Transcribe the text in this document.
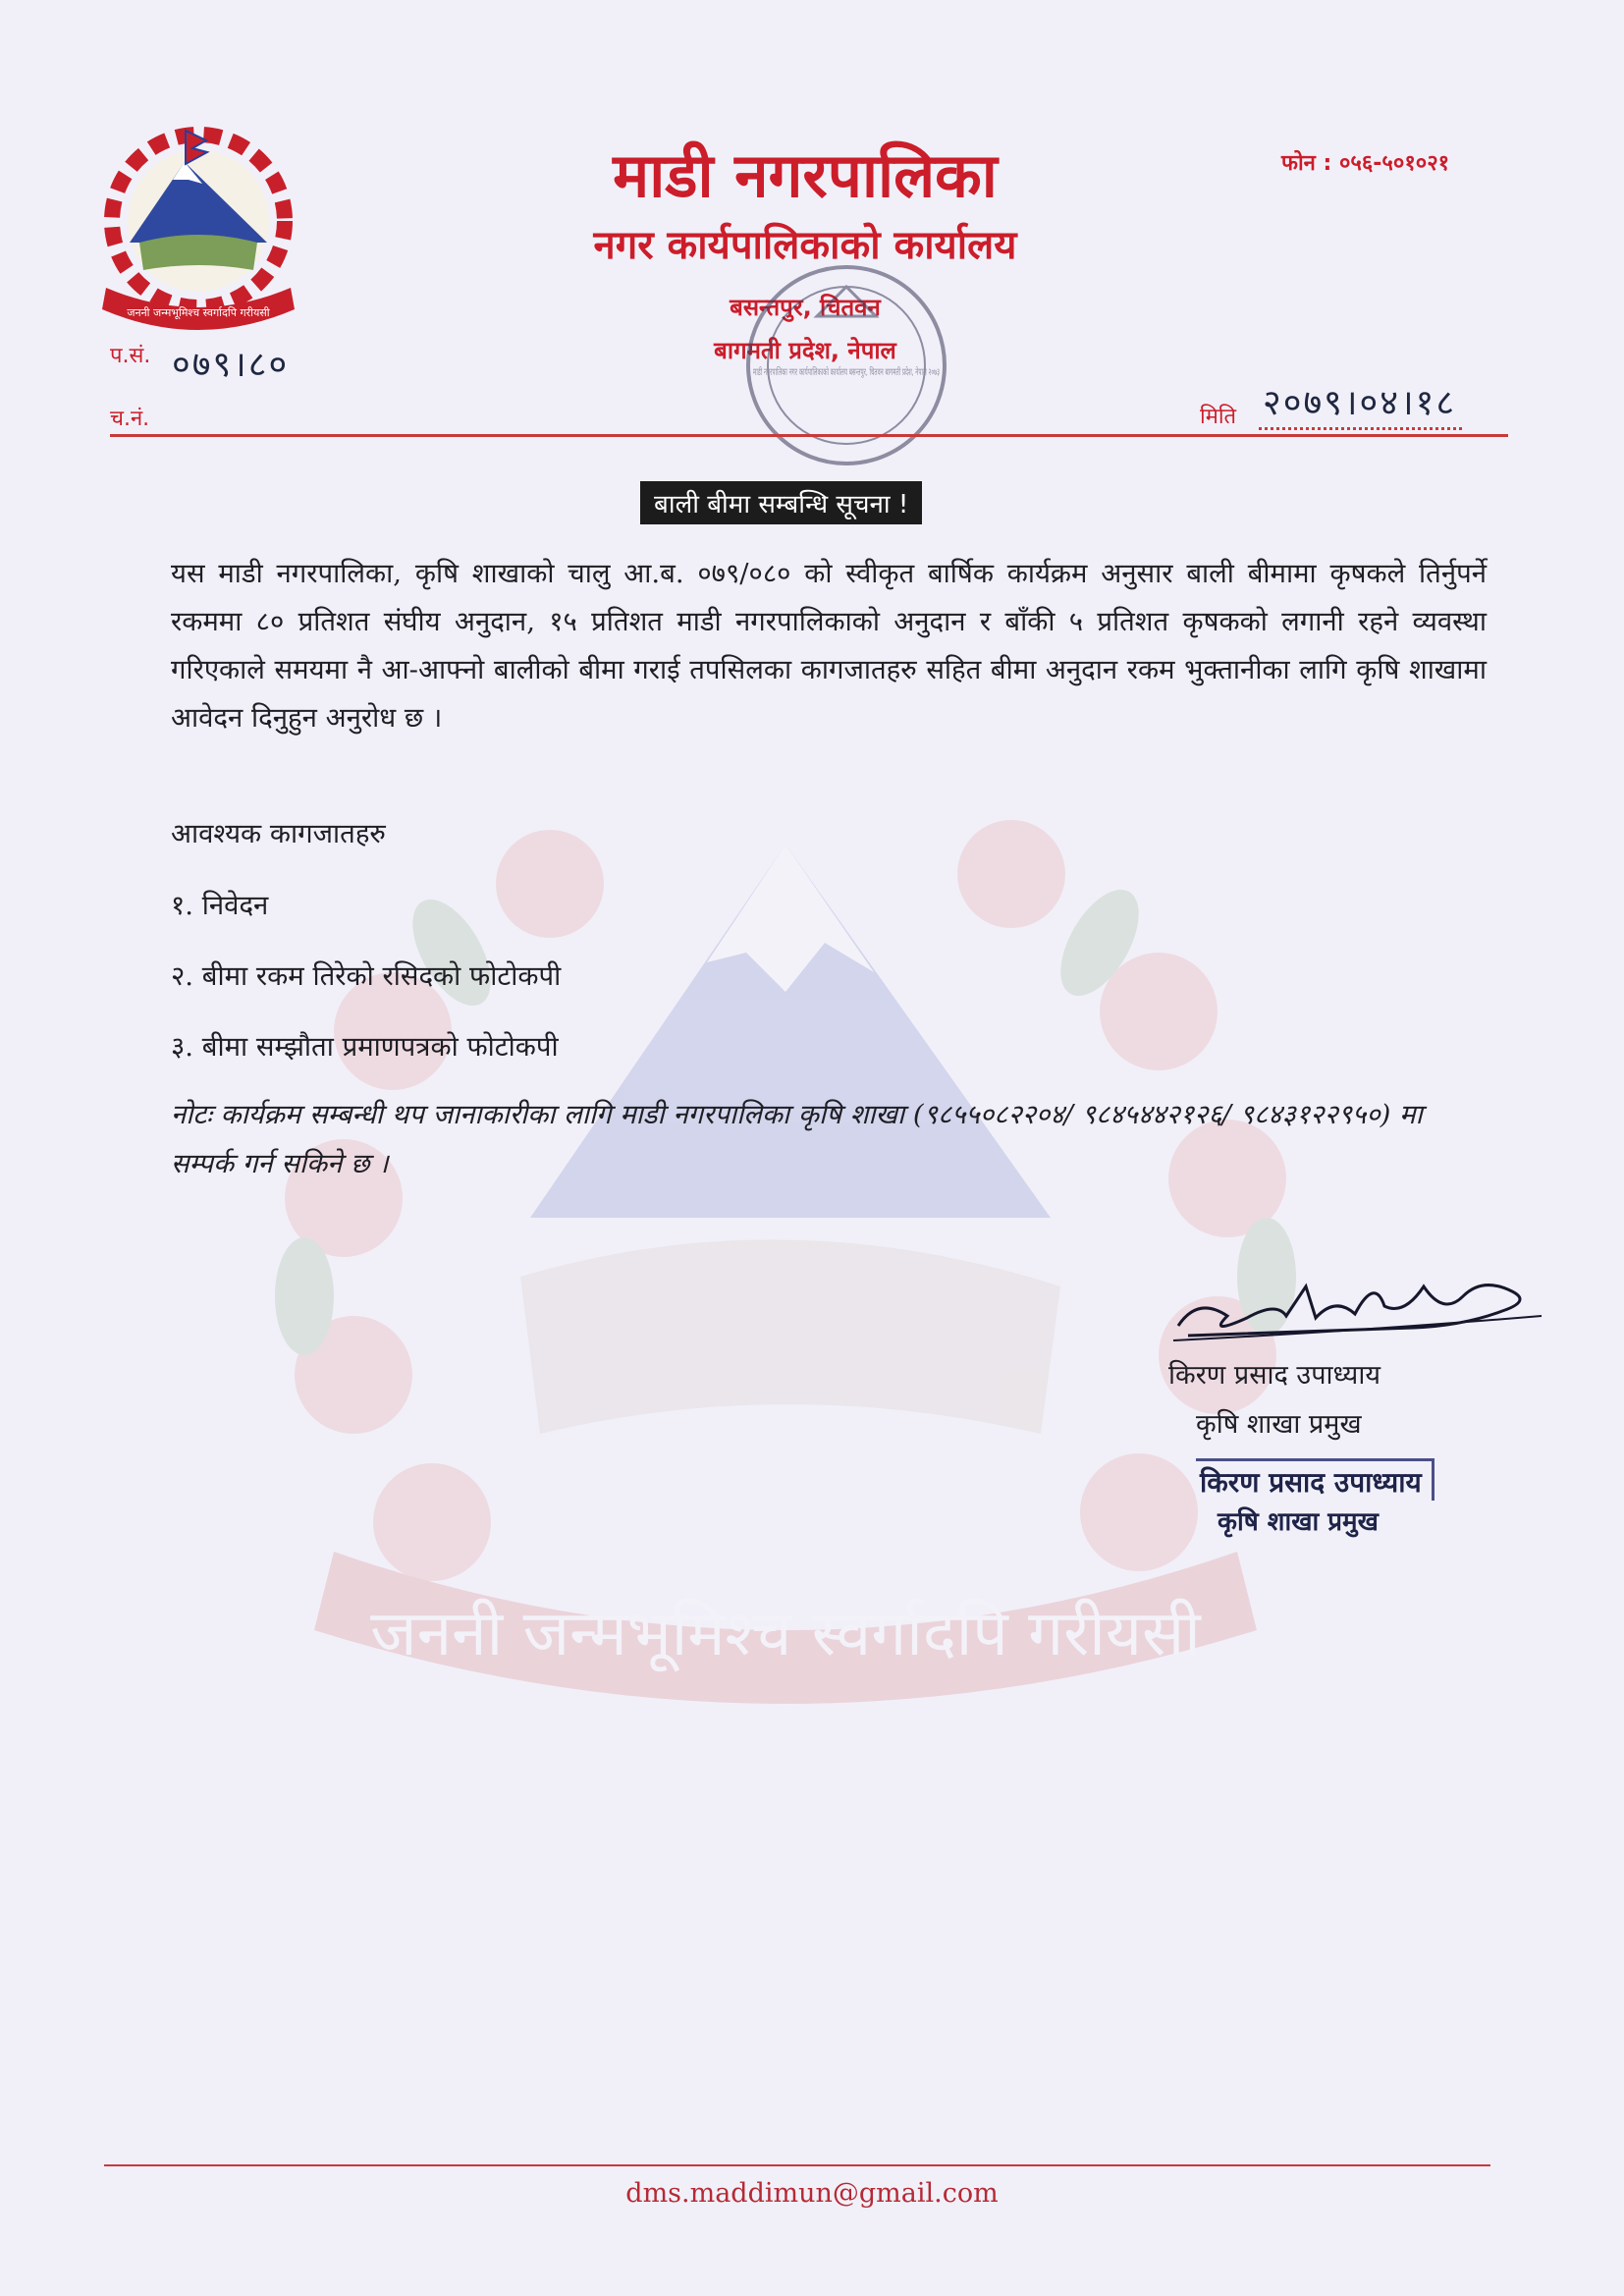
जननी जन्मभूमिश्च स्वर्गादपि गरीयसी
जननी जन्मभूमिश्च स्वर्गादपि गरीयसी
माडी नगरपालिका
नगर कार्यपालिकाको कार्यालय
बसन्तपुर, चितवन
बागमती प्रदेश, नेपाल
फोन : ०५६-५०१०२१
माडी नगरपालिका नगर कार्यपालिकाको कार्यालय बसन्तपुर, चितवन बागमती प्रदेश, नेपाल २०७३
प.सं. ०७९।८०
च.नं.	मिति २०७९।०४।१८
बाली बीमा सम्बन्धि सूचना !
यस माडी नगरपालिका, कृषि शाखाको चालु आ.ब. ०७९/०८० को स्वीकृत बार्षिक कार्यक्रम अनुसार बाली बीमामा कृषकले तिर्नुपर्ने रकममा ८० प्रतिशत संघीय अनुदान, १५ प्रतिशत माडी नगरपालिकाको अनुदान र बाँकी ५ प्रतिशत कृषकको लगानी रहने व्यवस्था गरिएकाले समयमा नै आ-आफ्नो बालीको बीमा गराई तपसिलका कागजातहरु सहित बीमा अनुदान रकम भुक्तानीका लागि कृषि शाखामा आवेदन दिनुहुन अनुरोध छ ।
आवश्यक कागजातहरु
१. निवेदन
२. बीमा रकम तिरेको रसिदको फोटोकपी
३. बीमा सम्झौता प्रमाणपत्रको फोटोकपी
नोटः कार्यक्रम सम्बन्धी थप जानाकारीका लागि माडी नगरपालिका कृषि शाखा (९८५५०८२२०४/ ९८४५४४२१२६/ ९८४३१२२९५०) मा सम्पर्क गर्न सकिने छ ।
किरण प्रसाद उपाध्याय
कृषि शाखा प्रमुख
किरण प्रसाद उपाध्याय
कृषि शाखा प्रमुख
dms.maddimun@gmail.com
